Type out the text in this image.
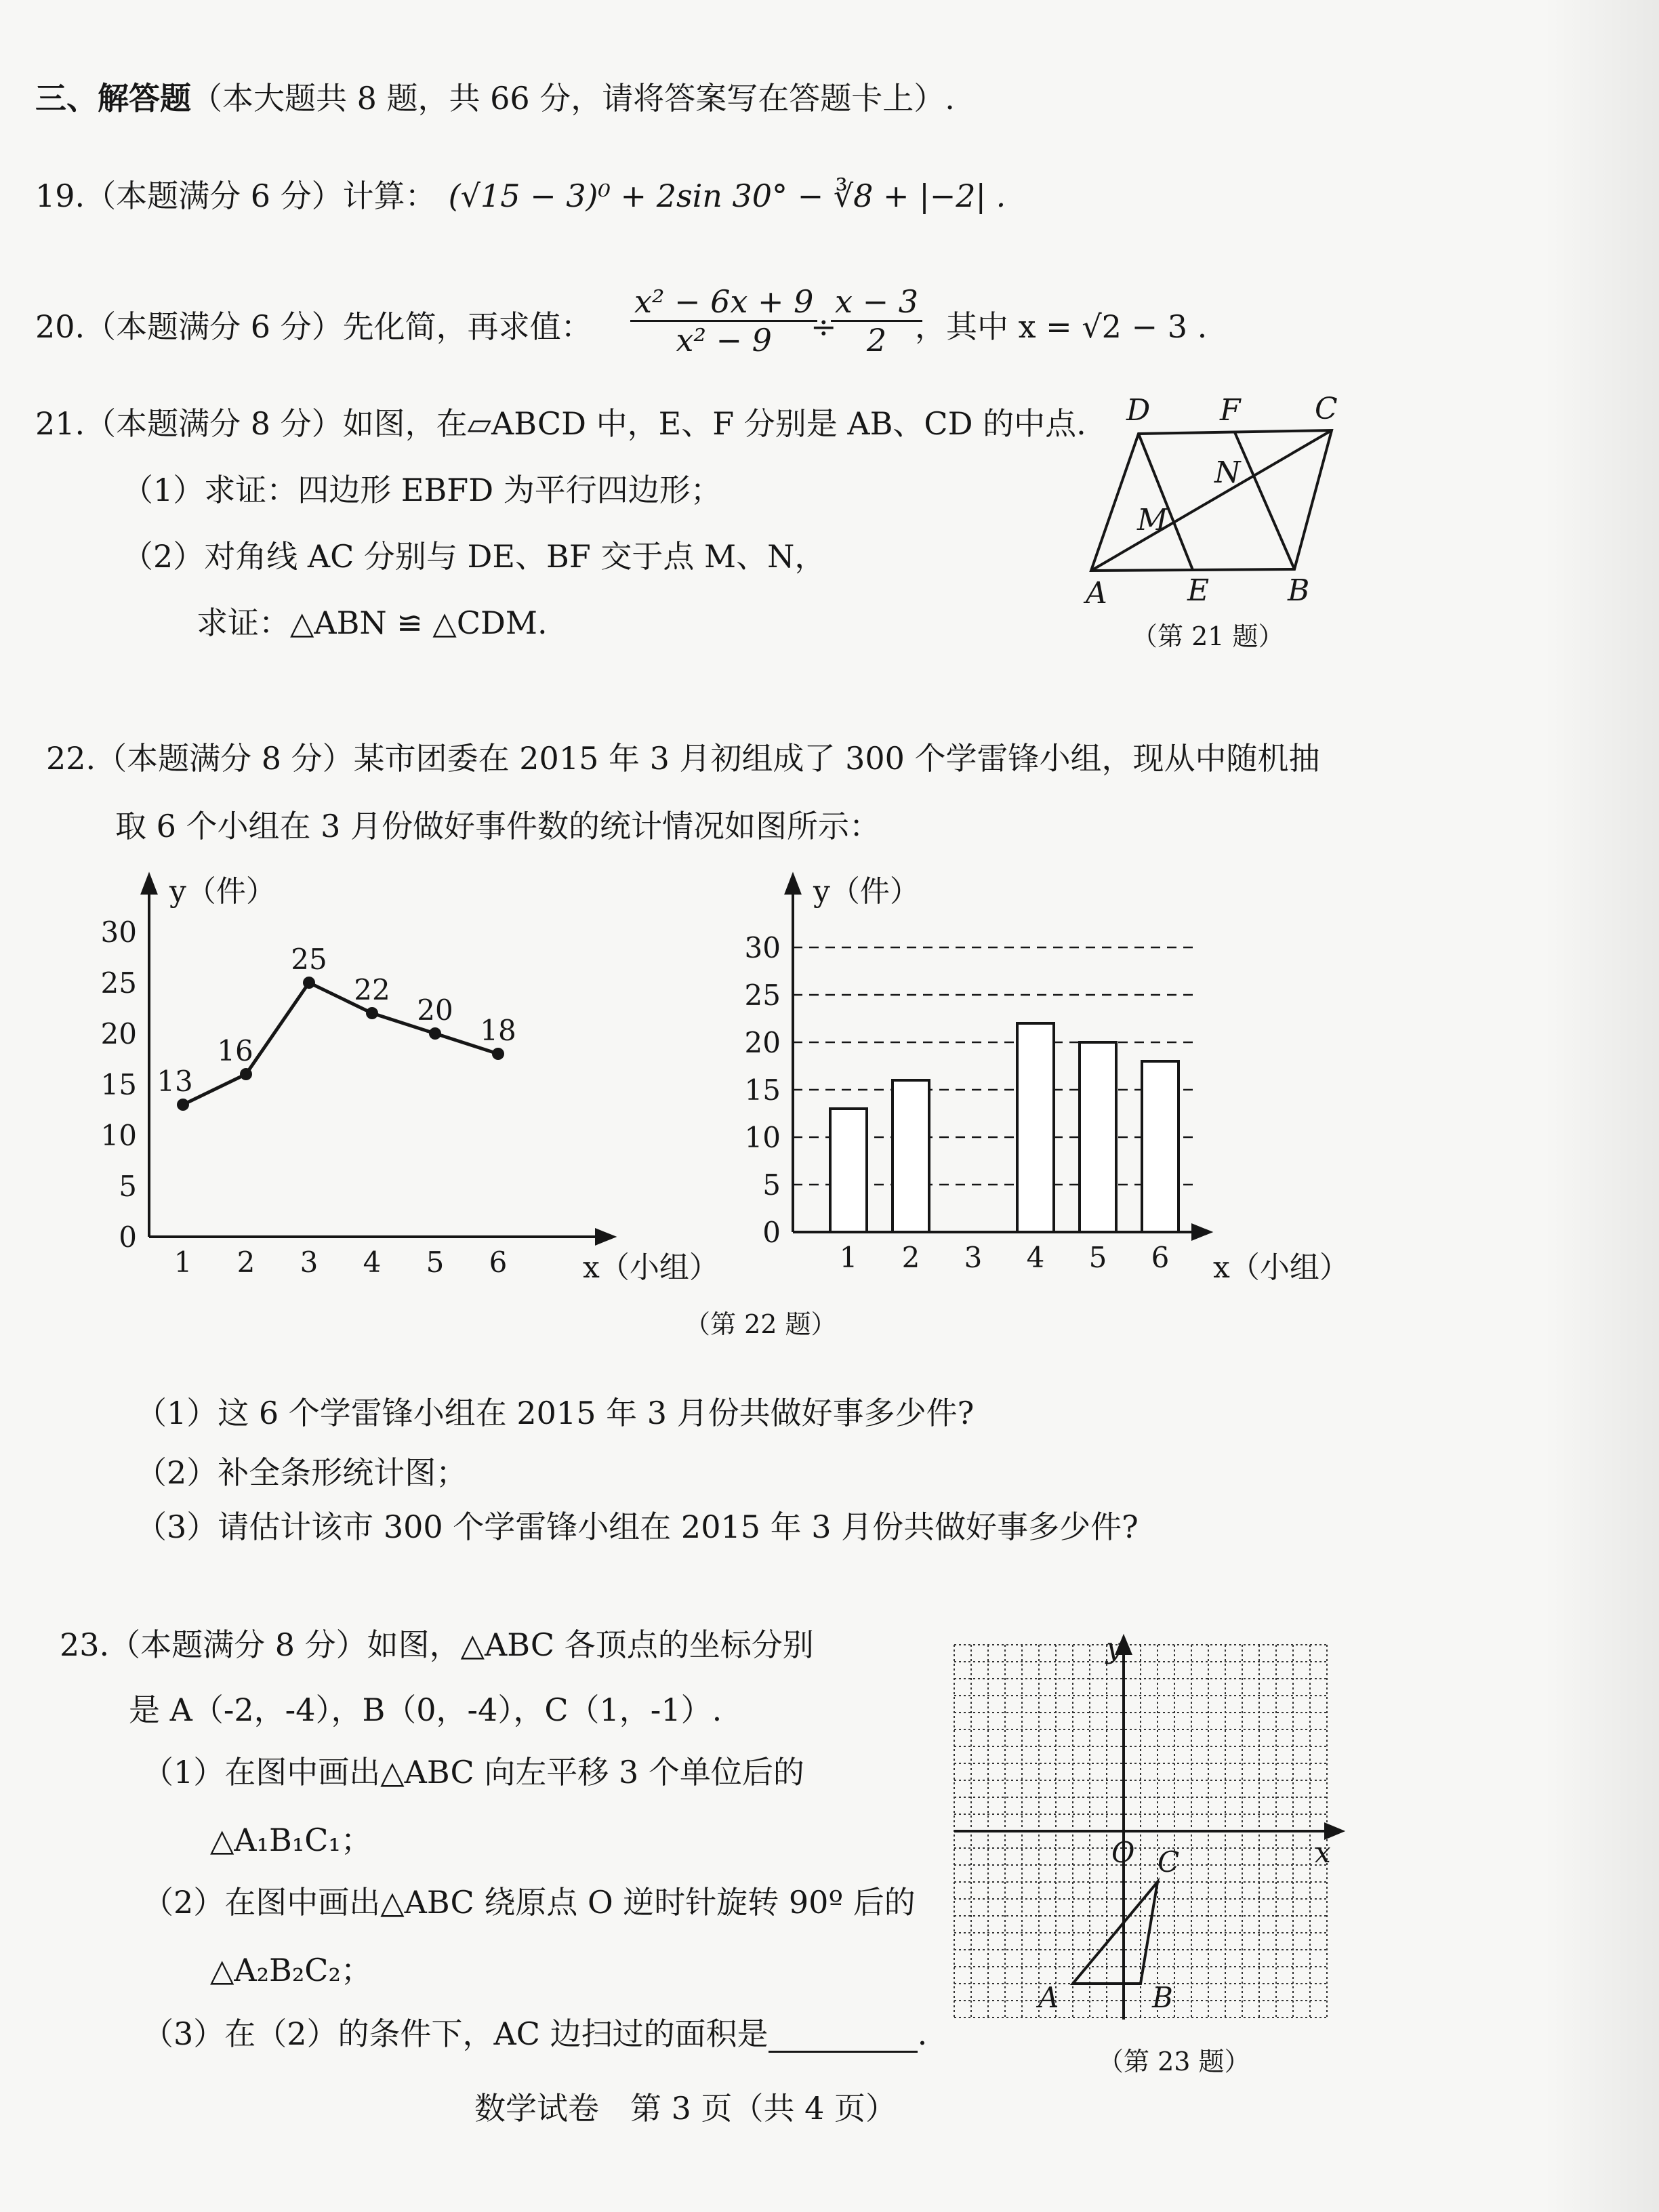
三、解答题（本大题共 8 题，共 66 分，请将答案写在答题卡上）.
19.（本题满分 6 分）计算： (√15 − 3)⁰ + 2sin 30° − ∛8 + |−2| .
20.（本题满分 6 分）先化简，再求值： $\frac{\text{x² − 6x + 9}}{\text{x² − 9}}$
÷
$\frac{x - 3}{2}$
，其中 x = √2 − 3 .
21.（本题满分 8 分）如图，在▱ABCD 中，E、F 分别是 AB、CD 的中点.
（1）求证：四边形 EBFD 为平行四边形；
（2）对角线 AC 分别与 DE、BF 交于点 M、N，
求证：△ABN ≌ △CDM.
D F C
N
M
A	E	B
（第 21 题）
22.（本题满分 8 分）某市团委在 2015 年 3 月初组成了 300 个学雷锋小组，现从中随机抽
取 6 个小组在 3 月份做好事件数的统计情况如图所示：
y（件）
x（小组）
0
5
10
15
20
25
30
1 2 3 4 5 6
13
16
25
22
20
18
y（件）
x（小组）
0
5
10
15
20
25
30
1 2 3 4 5 6
（第 22 题）
（1）这 6 个学雷锋小组在 2015 年 3 月份共做好事多少件?
（2）补全条形统计图；
（3）请估计该市 300 个学雷锋小组在 2015 年 3 月份共做好事多少件?
23.（本题满分 8 分）如图，△ABC 各顶点的坐标分别
是 A（-2，-4），B（0，-4），C（1，-1）.
（1）在图中画出△ABC 向左平移 3 个单位后的
△A₁B₁C₁；
（2）在图中画出△ABC 绕原点 O 逆时针旋转 90º 后的
△A₂B₂C₂；
（3）在（2）的条件下，AC 边扫过的面积是	.
y
x
O
A	B
C
（第 23 题）
数学试卷　第 3 页（共 4 页）
